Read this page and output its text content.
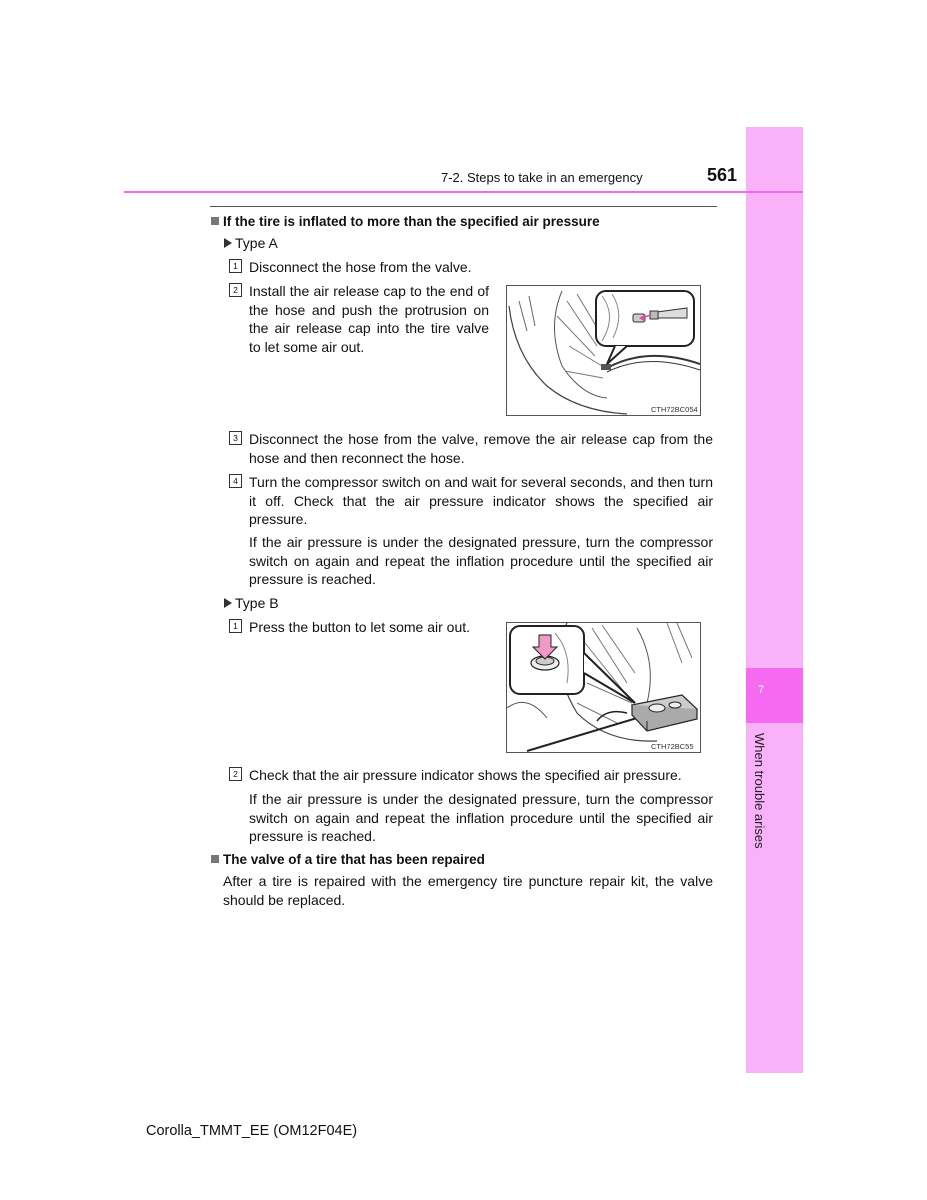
7
When trouble arises
7-2. Steps to take in an emergency	561
If the tire is inflated to more than the specified air pressure
Type A
1 Disconnect the hose from the valve.
2 Install the air release cap to the end of the hose and push the protrusion on the air release cap into the tire valve to let some air out.
CTH72BC054
3 Disconnect the hose from the valve, remove the air release cap from the hose and then reconnect the hose.
4 Turn the compressor switch on and wait for several seconds, and then turn it off. Check that the air pressure indicator shows the specified air pressure.
If the air pressure is under the designated pressure, turn the compressor switch on again and repeat the inflation procedure until the specified air pressure is reached.
Type B
1 Press the button to let some air out.
CTH72BC55
2 Check that the air pressure indicator shows the specified air pressure.
If the air pressure is under the designated pressure, turn the compressor switch on again and repeat the inflation procedure until the specified air pressure is reached.
The valve of a tire that has been repaired
After a tire is repaired with the emergency tire puncture repair kit, the valve should be replaced.
Corolla_TMMT_EE (OM12F04E)
